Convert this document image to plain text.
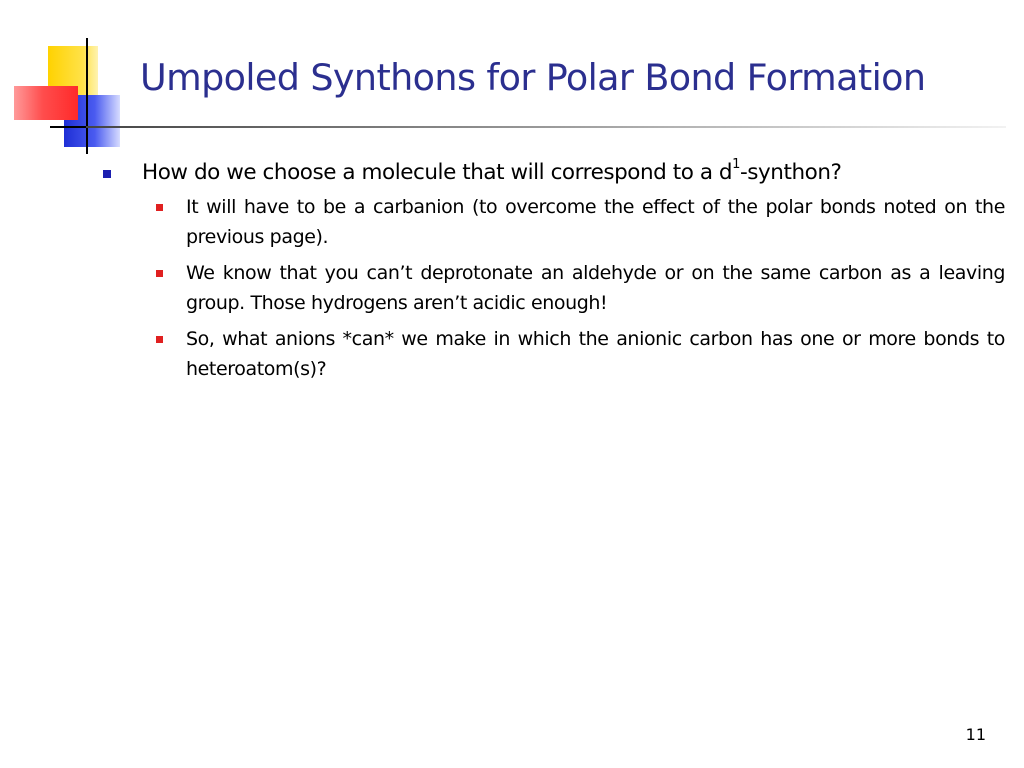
Umpoled Synthons for Polar Bond Formation
How do we choose a molecule that will correspond to a $d^1$-synthon?
It will have to be a carbanion (to overcome the effect of the polar bonds noted on the previous page).
We know that you can’t deprotonate an aldehyde or on the same carbon as a leaving group. Those hydrogens aren’t acidic enough!
So, what anions *can* we make in which the anionic carbon has one or more bonds to heteroatom(s)?
11
